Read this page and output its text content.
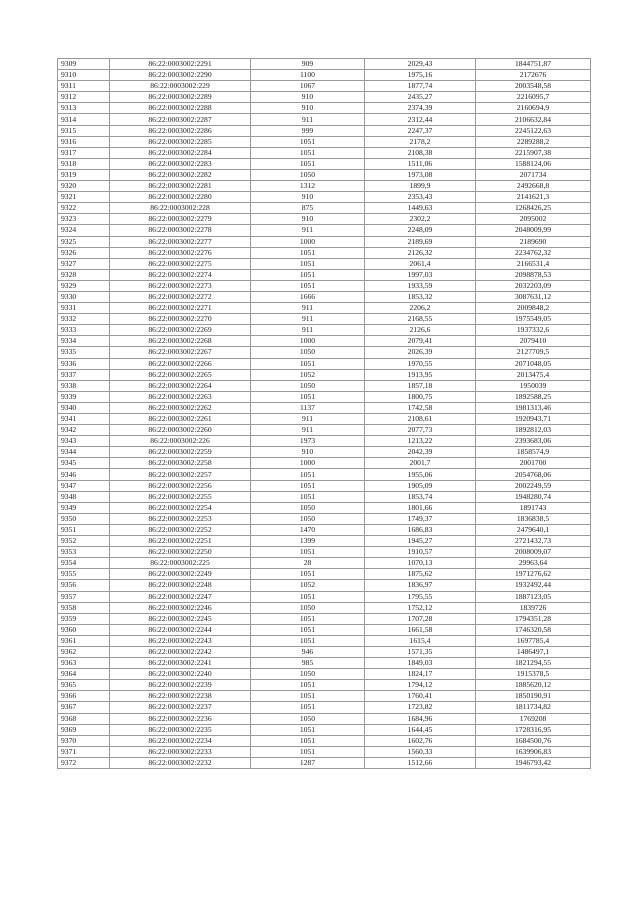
9309	86:22:0003002:2291	909	2029,43	1844751,87
9310	86:22:0003002:2290	1100	1975,16	2172676
9311	86:22:0003002:229	1067	1877,74	2003548,58
9312	86:22:0003002:2289	910	2435,27	2216095,7
9313	86:22:0003002:2288	910	2374,39	2160694,9
9314	86:22:0003002:2287	911	2312,44	2106632,84
9315	86:22:0003002:2286	999	2247,37	2245122,63
9316	86:22:0003002:2285	1051	2178,2	2289288,2
9317	86:22:0003002:2284	1051	2108,38	2215907,38
9318	86:22:0003002:2283	1051	1511,06	1588124,06
9319	86:22:0003002:2282	1050	1973,08	2071734
9320	86:22:0003002:2281	1312	1899,9	2492668,8
9321	86:22:0003002:2280	910	2353,43	2141621,3
9322	86:22:0003002:228	875	1449,63	1268426,25
9323	86:22:0003002:2279	910	2302,2	2095002
9324	86:22:0003002:2278	911	2248,09	2048009,99
9325	86:22:0003002:2277	1000	2189,69	2189690
9326	86:22:0003002:2276	1051	2126,32	2234762,32
9327	86:22:0003002:2275	1051	2061,4	2166531,4
9328	86:22:0003002:2274	1051	1997,03	2098878,53
9329	86:22:0003002:2273	1051	1933,59	2032203,09
9330	86:22:0003002:2272	1666	1853,32	3087631,12
9331	86:22:0003002:2271	911	2206,2	2009848,2
9332	86:22:0003002:2270	911	2168,55	1975549,05
9333	86:22:0003002:2269	911	2126,6	1937332,6
9334	86:22:0003002:2268	1000	2079,41	2079410
9335	86:22:0003002:2267	1050	2026,39	2127709,5
9336	86:22:0003002:2266	1051	1970,55	2071048,05
9337	86:22:0003002:2265	1052	1913,95	2013475,4
9338	86:22:0003002:2264	1050	1857,18	1950039
9339	86:22:0003002:2263	1051	1800,75	1892588,25
9340	86:22:0003002:2262	1137	1742,58	1981313,46
9341	86:22:0003002:2261	911	2108,61	1920943,71
9342	86:22:0003002:2260	911	2077,73	1892812,03
9343	86:22:0003002:226	1973	1213,22	2393683,06
9344	86:22:0003002:2259	910	2042,39	1858574,9
9345	86:22:0003002:2258	1000	2001,7	2001700
9346	86:22:0003002:2257	1051	1955,06	2054768,06
9347	86:22:0003002:2256	1051	1905,09	2002249,59
9348	86:22:0003002:2255	1051	1853,74	1948280,74
9349	86:22:0003002:2254	1050	1801,66	1891743
9350	86:22:0003002:2253	1050	1749,37	1836838,5
9351	86:22:0003002:2252	1470	1686,83	2479640,1
9352	86:22:0003002:2251	1399	1945,27	2721432,73
9353	86:22:0003002:2250	1051	1910,57	2008009,07
9354	86:22:0003002:225	28	1070,13	29963,64
9355	86:22:0003002:2249	1051	1875,62	1971276,62
9356	86:22:0003002:2248	1052	1836,97	1932492,44
9357	86:22:0003002:2247	1051	1795,55	1887123,05
9358	86:22:0003002:2246	1050	1752,12	1839726
9359	86:22:0003002:2245	1051	1707,28	1794351,28
9360	86:22:0003002:2244	1051	1661,58	1746320,58
9361	86:22:0003002:2243	1051	1615,4	1697785,4
9362	86:22:0003002:2242	946	1571,35	1486497,1
9363	86:22:0003002:2241	985	1849,03	1821294,55
9364	86:22:0003002:2240	1050	1824,17	1915378,5
9365	86:22:0003002:2239	1051	1794,12	1885620,12
9366	86:22:0003002:2238	1051	1760,41	1850190,91
9367	86:22:0003002:2237	1051	1723,82	1811734,82
9368	86:22:0003002:2236	1050	1684,96	1769208
9369	86:22:0003002:2235	1051	1644,45	1728316,95
9370	86:22:0003002:2234	1051	1602,76	1684500,76
9371	86:22:0003002:2233	1051	1560,33	1639906,83
9372	86:22:0003002:2232	1287	1512,66	1946793,42
